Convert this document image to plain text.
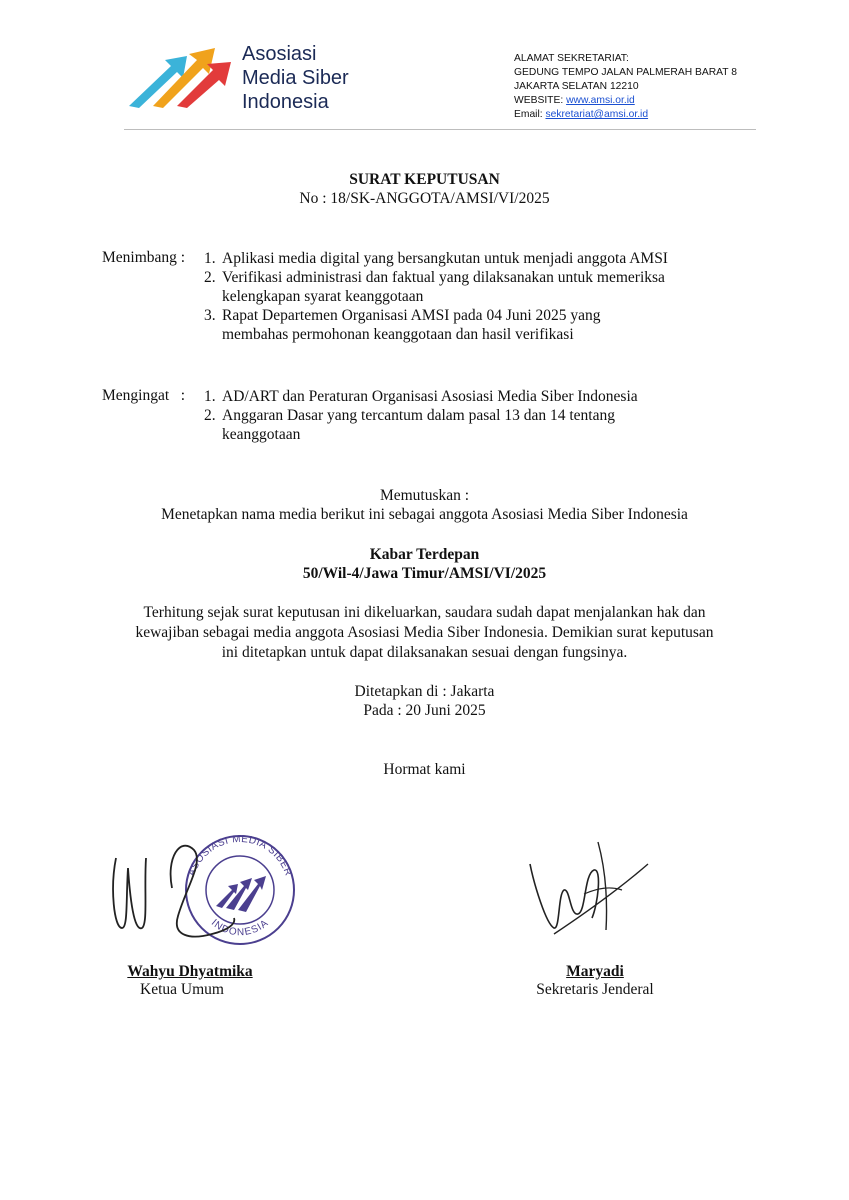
Asosiasi
Media Siber
Indonesia
ALAMAT SEKRETARIAT:
GEDUNG TEMPO JALAN PALMERAH BARAT 8
JAKARTA SELATAN 12210
WEBSITE: www.amsi.or.id
Email: sekretariat@amsi.or.id
SURAT KEPUTUSAN
No : 18/SK-ANGGOTA/AMSI/VI/2025
Menimbang : 1. Aplikasi media digital yang bersangkutan untuk menjadi anggota AMSI
2. Verifikasi administrasi dan faktual yang dilaksanakan untuk memeriksa kelengkapan syarat keanggotaan
3. Rapat Departemen Organisasi AMSI pada 04 Juni 2025 yang membahas permohonan keanggotaan dan hasil verifikasi
Mengingat   : 1. AD/ART dan Peraturan Organisasi Asosiasi Media Siber Indonesia
2. Anggaran Dasar yang tercantum dalam pasal 13 dan 14 tentang keanggotaan
Memutuskan :
Menetapkan nama media berikut ini sebagai anggota Asosiasi Media Siber Indonesia
Kabar Terdepan
50/Wil-4/Jawa Timur/AMSI/VI/2025
Terhitung sejak surat keputusan ini dikeluarkan, saudara sudah dapat menjalankan hak dan
kewajiban sebagai media anggota Asosiasi Media Siber Indonesia. Demikian surat keputusan
ini ditetapkan untuk dapat dilaksanakan sesuai dengan fungsinya.
Ditetapkan di : Jakarta
Pada : 20 Juni 2025
Hormat kami
ASOSIASI MEDIA SIBER
INDONESIA
Wahyu Dhyatmika
Ketua Umum
Maryadi
Sekretaris Jenderal
